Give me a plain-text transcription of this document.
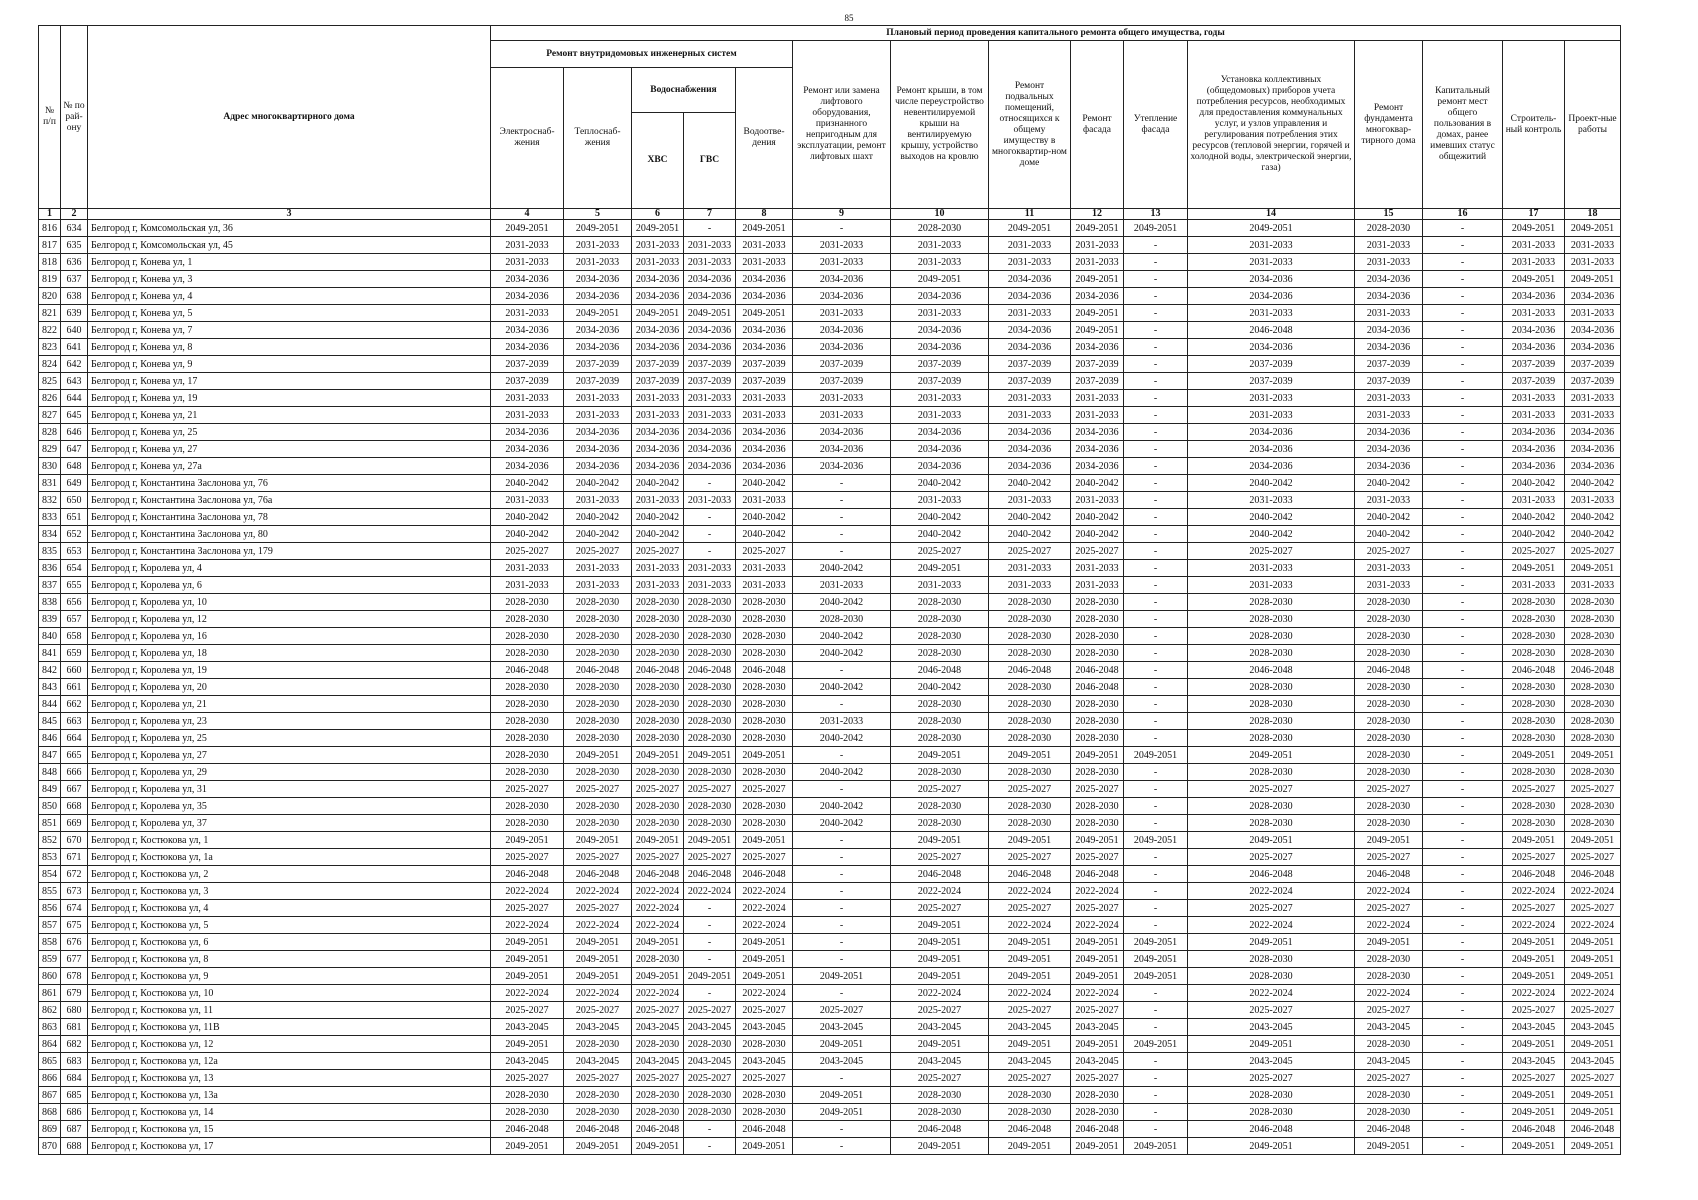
85
№ п/п	№ по рай-ону	Адрес многоквартирного дома	Плановый период проведения капитального ремонта общего имущества, годы														
			Ремонт внутридомовых инженерных систем					Ремонт или замена лифтового оборудования, признанного непригодным для эксплуатации, ремонт лифтовых шахт	Ремонт крыши, в том числе переустройство невентилируемой крыши на вентилируемую крышу, устройство выходов на кровлю	Ремонт подвальных помещений, относящихся к общему имуществу в многоквартир-ном доме	Ремонт фасада	Утепление фасада	Установка коллективных (общедомовых) приборов учета потребления ресурсов, необходимых для предоставления коммунальных услуг, и узлов управления и регулирования потребления этих ресурсов (тепловой энергии, горячей и холодной воды, электрической энергии, газа)	Ремонт фундамента многоквар-тирного дома	Капитальный ремонт мест общего пользования в домах, ранее имевших статус общежитий	Строитель-ный контроль	Проект-ные работы
			Электроснаб-жения	Теплоснаб-жения	Водоснабжения		Водоотве-дения										
					ХВС	ГВС											
1	2	3	4	5	6	7	8	9	10	11	12	13	14	15	16	17	18
816	634	Белгород г, Комсомольская ул, 36	2049-2051	2049-2051	2049-2051	-	2049-2051	-	2028-2030	2049-2051	2049-2051	2049-2051	2049-2051	2028-2030	-	2049-2051	2049-2051
817	635	Белгород г, Комсомольская ул, 45	2031-2033	2031-2033	2031-2033	2031-2033	2031-2033	2031-2033	2031-2033	2031-2033	2031-2033	-	2031-2033	2031-2033	-	2031-2033	2031-2033
818	636	Белгород г, Конева ул, 1	2031-2033	2031-2033	2031-2033	2031-2033	2031-2033	2031-2033	2031-2033	2031-2033	2031-2033	-	2031-2033	2031-2033	-	2031-2033	2031-2033
819	637	Белгород г, Конева ул, 3	2034-2036	2034-2036	2034-2036	2034-2036	2034-2036	2034-2036	2049-2051	2034-2036	2049-2051	-	2034-2036	2034-2036	-	2049-2051	2049-2051
820	638	Белгород г, Конева ул, 4	2034-2036	2034-2036	2034-2036	2034-2036	2034-2036	2034-2036	2034-2036	2034-2036	2034-2036	-	2034-2036	2034-2036	-	2034-2036	2034-2036
821	639	Белгород г, Конева ул, 5	2031-2033	2049-2051	2049-2051	2049-2051	2049-2051	2031-2033	2031-2033	2031-2033	2049-2051	-	2031-2033	2031-2033	-	2031-2033	2031-2033
822	640	Белгород г, Конева ул, 7	2034-2036	2034-2036	2034-2036	2034-2036	2034-2036	2034-2036	2034-2036	2034-2036	2049-2051	-	2046-2048	2034-2036	-	2034-2036	2034-2036
823	641	Белгород г, Конева ул, 8	2034-2036	2034-2036	2034-2036	2034-2036	2034-2036	2034-2036	2034-2036	2034-2036	2034-2036	-	2034-2036	2034-2036	-	2034-2036	2034-2036
824	642	Белгород г, Конева ул, 9	2037-2039	2037-2039	2037-2039	2037-2039	2037-2039	2037-2039	2037-2039	2037-2039	2037-2039	-	2037-2039	2037-2039	-	2037-2039	2037-2039
825	643	Белгород г, Конева ул, 17	2037-2039	2037-2039	2037-2039	2037-2039	2037-2039	2037-2039	2037-2039	2037-2039	2037-2039	-	2037-2039	2037-2039	-	2037-2039	2037-2039
826	644	Белгород г, Конева ул, 19	2031-2033	2031-2033	2031-2033	2031-2033	2031-2033	2031-2033	2031-2033	2031-2033	2031-2033	-	2031-2033	2031-2033	-	2031-2033	2031-2033
827	645	Белгород г, Конева ул, 21	2031-2033	2031-2033	2031-2033	2031-2033	2031-2033	2031-2033	2031-2033	2031-2033	2031-2033	-	2031-2033	2031-2033	-	2031-2033	2031-2033
828	646	Белгород г, Конева ул, 25	2034-2036	2034-2036	2034-2036	2034-2036	2034-2036	2034-2036	2034-2036	2034-2036	2034-2036	-	2034-2036	2034-2036	-	2034-2036	2034-2036
829	647	Белгород г, Конева ул, 27	2034-2036	2034-2036	2034-2036	2034-2036	2034-2036	2034-2036	2034-2036	2034-2036	2034-2036	-	2034-2036	2034-2036	-	2034-2036	2034-2036
830	648	Белгород г, Конева ул, 27а	2034-2036	2034-2036	2034-2036	2034-2036	2034-2036	2034-2036	2034-2036	2034-2036	2034-2036	-	2034-2036	2034-2036	-	2034-2036	2034-2036
831	649	Белгород г, Константина Заслонова ул, 76	2040-2042	2040-2042	2040-2042	-	2040-2042	-	2040-2042	2040-2042	2040-2042	-	2040-2042	2040-2042	-	2040-2042	2040-2042
832	650	Белгород г, Константина Заслонова ул, 76а	2031-2033	2031-2033	2031-2033	2031-2033	2031-2033	-	2031-2033	2031-2033	2031-2033	-	2031-2033	2031-2033	-	2031-2033	2031-2033
833	651	Белгород г, Константина Заслонова ул, 78	2040-2042	2040-2042	2040-2042	-	2040-2042	-	2040-2042	2040-2042	2040-2042	-	2040-2042	2040-2042	-	2040-2042	2040-2042
834	652	Белгород г, Константина Заслонова ул, 80	2040-2042	2040-2042	2040-2042	-	2040-2042	-	2040-2042	2040-2042	2040-2042	-	2040-2042	2040-2042	-	2040-2042	2040-2042
835	653	Белгород г, Константина Заслонова ул, 179	2025-2027	2025-2027	2025-2027	-	2025-2027	-	2025-2027	2025-2027	2025-2027	-	2025-2027	2025-2027	-	2025-2027	2025-2027
836	654	Белгород г, Королева ул, 4	2031-2033	2031-2033	2031-2033	2031-2033	2031-2033	2040-2042	2049-2051	2031-2033	2031-2033	-	2031-2033	2031-2033	-	2049-2051	2049-2051
837	655	Белгород г, Королева ул, 6	2031-2033	2031-2033	2031-2033	2031-2033	2031-2033	2031-2033	2031-2033	2031-2033	2031-2033	-	2031-2033	2031-2033	-	2031-2033	2031-2033
838	656	Белгород г, Королева ул, 10	2028-2030	2028-2030	2028-2030	2028-2030	2028-2030	2040-2042	2028-2030	2028-2030	2028-2030	-	2028-2030	2028-2030	-	2028-2030	2028-2030
839	657	Белгород г, Королева ул, 12	2028-2030	2028-2030	2028-2030	2028-2030	2028-2030	2028-2030	2028-2030	2028-2030	2028-2030	-	2028-2030	2028-2030	-	2028-2030	2028-2030
840	658	Белгород г, Королева ул, 16	2028-2030	2028-2030	2028-2030	2028-2030	2028-2030	2040-2042	2028-2030	2028-2030	2028-2030	-	2028-2030	2028-2030	-	2028-2030	2028-2030
841	659	Белгород г, Королева ул, 18	2028-2030	2028-2030	2028-2030	2028-2030	2028-2030	2040-2042	2028-2030	2028-2030	2028-2030	-	2028-2030	2028-2030	-	2028-2030	2028-2030
842	660	Белгород г, Королева ул, 19	2046-2048	2046-2048	2046-2048	2046-2048	2046-2048	-	2046-2048	2046-2048	2046-2048	-	2046-2048	2046-2048	-	2046-2048	2046-2048
843	661	Белгород г, Королева ул, 20	2028-2030	2028-2030	2028-2030	2028-2030	2028-2030	2040-2042	2040-2042	2028-2030	2046-2048	-	2028-2030	2028-2030	-	2028-2030	2028-2030
844	662	Белгород г, Королева ул, 21	2028-2030	2028-2030	2028-2030	2028-2030	2028-2030	-	2028-2030	2028-2030	2028-2030	-	2028-2030	2028-2030	-	2028-2030	2028-2030
845	663	Белгород г, Королева ул, 23	2028-2030	2028-2030	2028-2030	2028-2030	2028-2030	2031-2033	2028-2030	2028-2030	2028-2030	-	2028-2030	2028-2030	-	2028-2030	2028-2030
846	664	Белгород г, Королева ул, 25	2028-2030	2028-2030	2028-2030	2028-2030	2028-2030	2040-2042	2028-2030	2028-2030	2028-2030	-	2028-2030	2028-2030	-	2028-2030	2028-2030
847	665	Белгород г, Королева ул, 27	2028-2030	2049-2051	2049-2051	2049-2051	2049-2051	-	2049-2051	2049-2051	2049-2051	2049-2051	2049-2051	2028-2030	-	2049-2051	2049-2051
848	666	Белгород г, Королева ул, 29	2028-2030	2028-2030	2028-2030	2028-2030	2028-2030	2040-2042	2028-2030	2028-2030	2028-2030	-	2028-2030	2028-2030	-	2028-2030	2028-2030
849	667	Белгород г, Королева ул, 31	2025-2027	2025-2027	2025-2027	2025-2027	2025-2027	-	2025-2027	2025-2027	2025-2027	-	2025-2027	2025-2027	-	2025-2027	2025-2027
850	668	Белгород г, Королева ул, 35	2028-2030	2028-2030	2028-2030	2028-2030	2028-2030	2040-2042	2028-2030	2028-2030	2028-2030	-	2028-2030	2028-2030	-	2028-2030	2028-2030
851	669	Белгород г, Королева ул, 37	2028-2030	2028-2030	2028-2030	2028-2030	2028-2030	2040-2042	2028-2030	2028-2030	2028-2030	-	2028-2030	2028-2030	-	2028-2030	2028-2030
852	670	Белгород г, Костюкова ул, 1	2049-2051	2049-2051	2049-2051	2049-2051	2049-2051	-	2049-2051	2049-2051	2049-2051	2049-2051	2049-2051	2049-2051	-	2049-2051	2049-2051
853	671	Белгород г, Костюкова ул, 1а	2025-2027	2025-2027	2025-2027	2025-2027	2025-2027	-	2025-2027	2025-2027	2025-2027	-	2025-2027	2025-2027	-	2025-2027	2025-2027
854	672	Белгород г, Костюкова ул, 2	2046-2048	2046-2048	2046-2048	2046-2048	2046-2048	-	2046-2048	2046-2048	2046-2048	-	2046-2048	2046-2048	-	2046-2048	2046-2048
855	673	Белгород г, Костюкова ул, 3	2022-2024	2022-2024	2022-2024	2022-2024	2022-2024	-	2022-2024	2022-2024	2022-2024	-	2022-2024	2022-2024	-	2022-2024	2022-2024
856	674	Белгород г, Костюкова ул, 4	2025-2027	2025-2027	2022-2024	-	2022-2024	-	2025-2027	2025-2027	2025-2027	-	2025-2027	2025-2027	-	2025-2027	2025-2027
857	675	Белгород г, Костюкова ул, 5	2022-2024	2022-2024	2022-2024	-	2022-2024	-	2049-2051	2022-2024	2022-2024	-	2022-2024	2022-2024	-	2022-2024	2022-2024
858	676	Белгород г, Костюкова ул, 6	2049-2051	2049-2051	2049-2051	-	2049-2051	-	2049-2051	2049-2051	2049-2051	2049-2051	2049-2051	2049-2051	-	2049-2051	2049-2051
859	677	Белгород г, Костюкова ул, 8	2049-2051	2049-2051	2028-2030	-	2049-2051	-	2049-2051	2049-2051	2049-2051	2049-2051	2028-2030	2028-2030	-	2049-2051	2049-2051
860	678	Белгород г, Костюкова ул, 9	2049-2051	2049-2051	2049-2051	2049-2051	2049-2051	2049-2051	2049-2051	2049-2051	2049-2051	2049-2051	2028-2030	2028-2030	-	2049-2051	2049-2051
861	679	Белгород г, Костюкова ул, 10	2022-2024	2022-2024	2022-2024	-	2022-2024	-	2022-2024	2022-2024	2022-2024	-	2022-2024	2022-2024	-	2022-2024	2022-2024
862	680	Белгород г, Костюкова ул, 11	2025-2027	2025-2027	2025-2027	2025-2027	2025-2027	2025-2027	2025-2027	2025-2027	2025-2027	-	2025-2027	2025-2027	-	2025-2027	2025-2027
863	681	Белгород г, Костюкова ул, 11В	2043-2045	2043-2045	2043-2045	2043-2045	2043-2045	2043-2045	2043-2045	2043-2045	2043-2045	-	2043-2045	2043-2045	-	2043-2045	2043-2045
864	682	Белгород г, Костюкова ул, 12	2049-2051	2028-2030	2028-2030	2028-2030	2028-2030	2049-2051	2049-2051	2049-2051	2049-2051	2049-2051	2049-2051	2028-2030	-	2049-2051	2049-2051
865	683	Белгород г, Костюкова ул, 12а	2043-2045	2043-2045	2043-2045	2043-2045	2043-2045	2043-2045	2043-2045	2043-2045	2043-2045	-	2043-2045	2043-2045	-	2043-2045	2043-2045
866	684	Белгород г, Костюкова ул, 13	2025-2027	2025-2027	2025-2027	2025-2027	2025-2027	-	2025-2027	2025-2027	2025-2027	-	2025-2027	2025-2027	-	2025-2027	2025-2027
867	685	Белгород г, Костюкова ул, 13а	2028-2030	2028-2030	2028-2030	2028-2030	2028-2030	2049-2051	2028-2030	2028-2030	2028-2030	-	2028-2030	2028-2030	-	2049-2051	2049-2051
868	686	Белгород г, Костюкова ул, 14	2028-2030	2028-2030	2028-2030	2028-2030	2028-2030	2049-2051	2028-2030	2028-2030	2028-2030	-	2028-2030	2028-2030	-	2049-2051	2049-2051
869	687	Белгород г, Костюкова ул, 15	2046-2048	2046-2048	2046-2048	-	2046-2048	-	2046-2048	2046-2048	2046-2048	-	2046-2048	2046-2048	-	2046-2048	2046-2048
870	688	Белгород г, Костюкова ул, 17	2049-2051	2049-2051	2049-2051	-	2049-2051	-	2049-2051	2049-2051	2049-2051	2049-2051	2049-2051	2049-2051	-	2049-2051	2049-2051
